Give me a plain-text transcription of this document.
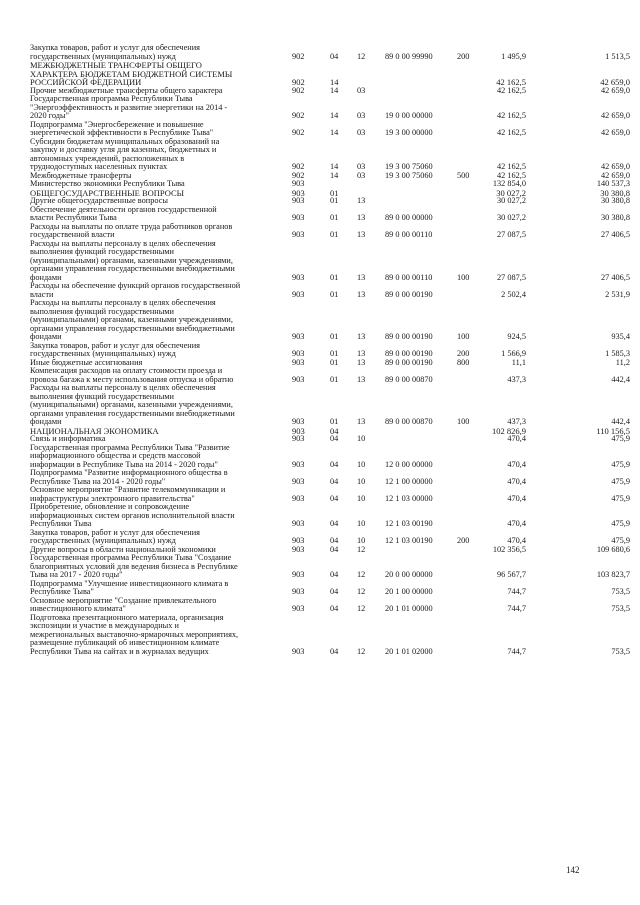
Закупка товаров, работ и услуг для обеспечения
государственных (муниципальных) нужд	902	04 12 89 0 00 99990	200	1 495,9	1 513,5
МЕЖБЮДЖЕТНЫЕ ТРАНСФЕРТЫ ОБЩЕГО
ХАРАКТЕРА БЮДЖЕТАМ БЮДЖЕТНОЙ СИСТЕМЫ
РОССИЙСКОЙ ФЕДЕРАЦИИ	902	14	42 162,5	42 659,0
Прочие межбюджетные трансферты общего характера	902	14 03	42 162,5	42 659,0
Государственная программа Республики Тыва
"Энергоэффективность и развитие энергетики на 2014 -
2020 годы"	902	14 03 19 0 00 00000	42 162,5	42 659,0
Подпрограмма "Энергосбережение и повышение
энергетической эффективности в Республике Тыва"	902	14 03 19 3 00 00000	42 162,5	42 659,0
Субсидии бюджетам муниципальных образований на
закупку и доставку угля для казенных, бюджетных и
автономных учреждений, расположенных в
труднодоступных населенных пунктах	902	14 03 19 3 00 75060	42 162,5	42 659,0
Межбюджетные трансферты	902	14 03 19 3 00 75060	500	42 162,5	42 659,0
Министерство экономики Республики Тыва	903	132 854,0	140 537,3
ОБЩЕГОСУДАРСТВЕННЫЕ ВОПРОСЫ	903	01	30 027,2	30 380,8
Другие общегосударственные вопросы	903	01 13	30 027,2	30 380,8
Обеспечение деятельности органов государственной
власти Республики Тыва	903	01 13 89 0 00 00000	30 027,2	30 380,8
Расходы на выплаты по оплате труда работников органов
государственной власти	903	01 13 89 0 00 00110	27 087,5	27 406,5
Расходы на выплаты персоналу в целях обеспечения
выполнения функций государственными
(муниципальными) органами, казенными учреждениями,
органами управления государственными внебюджетными
фондами	903	01 13 89 0 00 00110	100	27 087,5	27 406,5
Расходы на обеспечение функций органов государственной
власти	903	01 13 89 0 00 00190	2 502,4	2 531,9
Расходы на выплаты персоналу в целях обеспечения
выполнения функций государственными
(муниципальными) органами, казенными учреждениями,
органами управления государственными внебюджетными
фондами	903	01 13 89 0 00 00190	100	924,5	935,4
Закупка товаров, работ и услуг для обеспечения
государственных (муниципальных) нужд	903	01 13 89 0 00 00190	200	1 566,9	1 585,3
Иные бюджетные ассигнования	903	01 13 89 0 00 00190	800	11,1	11,2
Компенсация расходов на оплату стоимости проезда и
провоза багажа к месту использования отпуска и обратно	903	01 13 89 0 00 00870	437,3	442,4
Расходы на выплаты персоналу в целях обеспечения
выполнения функций государственными
(муниципальными) органами, казенными учреждениями,
органами управления государственными внебюджетными
фондами	903	01 13 89 0 00 00870	100	437,3	442,4
НАЦИОНАЛЬНАЯ ЭКОНОМИКА	903	04	102 826,9	110 156,5
Связь и информатика	903	04 10	470,4	475,9
Государственная программа Республики Тыва "Развитие
информационного общества и средств массовой
информации в Республике Тыва на 2014 - 2020 годы"	903	04 10 12 0 00 00000	470,4	475,9
Подпрограмма "Развитие информационного общества в
Республике Тыва на 2014 - 2020 годы"	903	04 10 12 1 00 00000	470,4	475,9
Основное мероприятие "Развитие телекоммуникации и
инфраструктуры электронного правительства"	903	04 10 12 1 03 00000	470,4	475,9
Приобретение, обновление и сопровождение
информационных систем органов исполнительной власти
Республики Тыва	903	04 10 12 1 03 00190	470,4	475,9
Закупка товаров, работ и услуг для обеспечения
государственных (муниципальных) нужд	903	04 10 12 1 03 00190	200	470,4	475,9
Другие вопросы в области национальной экономики	903	04 12	102 356,5	109 680,6
Государственная программа Республики Тыва "Создание
благоприятных условий для ведения бизнеса в Республике
Тыва на 2017 - 2020 годы"	903	04 12 20 0 00 00000	96 567,7	103 823,7
Подпрограмма "Улучшение инвестиционного климата в
Республике Тыва"	903	04 12 20 1 00 00000	744,7	753,5
Основное мероприятие "Создание привлекательного
инвестиционного климата"	903	04 12 20 1 01 00000	744,7	753,5
Подготовка презентационного материала, организация
экспозиции и участие в международных и
межрегиональных выставочно-ярмарочных мероприятиях,
размещение публикаций об инвестиционном климате
Республики Тыва на сайтах и в журналах ведущих	903	04 12 20 1 01 02000	744,7	753,5
142
